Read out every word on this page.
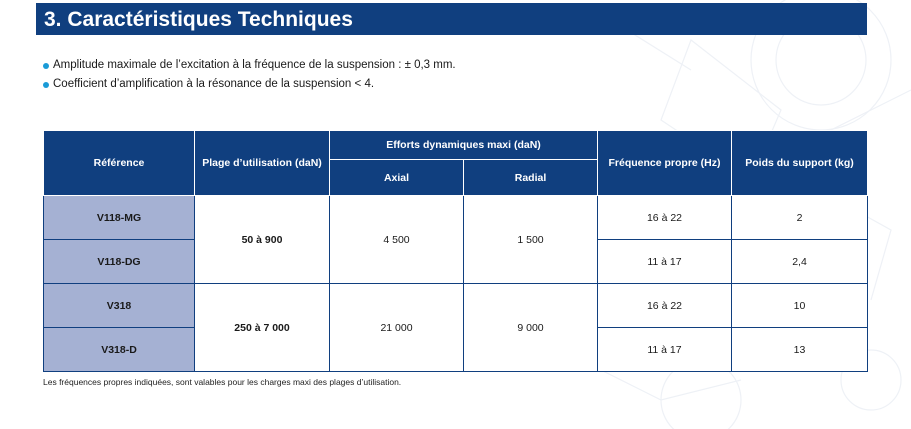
3. Caractéristiques Techniques
Amplitude maximale de l’excitation à la fréquence de la suspension : ± 0,3 mm.
Coefficient d’amplification à la résonance de la suspension < 4.
Référence	Plage d’utilisation (daN)	Efforts dynamiques maxi (daN)		Fréquence propre (Hz)	Poids du support (kg)
		Axial	Radial		
V118-MG	50 à 900	4 500	1 500	16 à 22	2
V118-DG				11 à 17	2,4
V318	250 à 7 000	21 000	9 000	16 à 22	10
V318-D				11 à 17	13
Les fréquences propres indiquées, sont valables pour les charges maxi des plages d’utilisation.
